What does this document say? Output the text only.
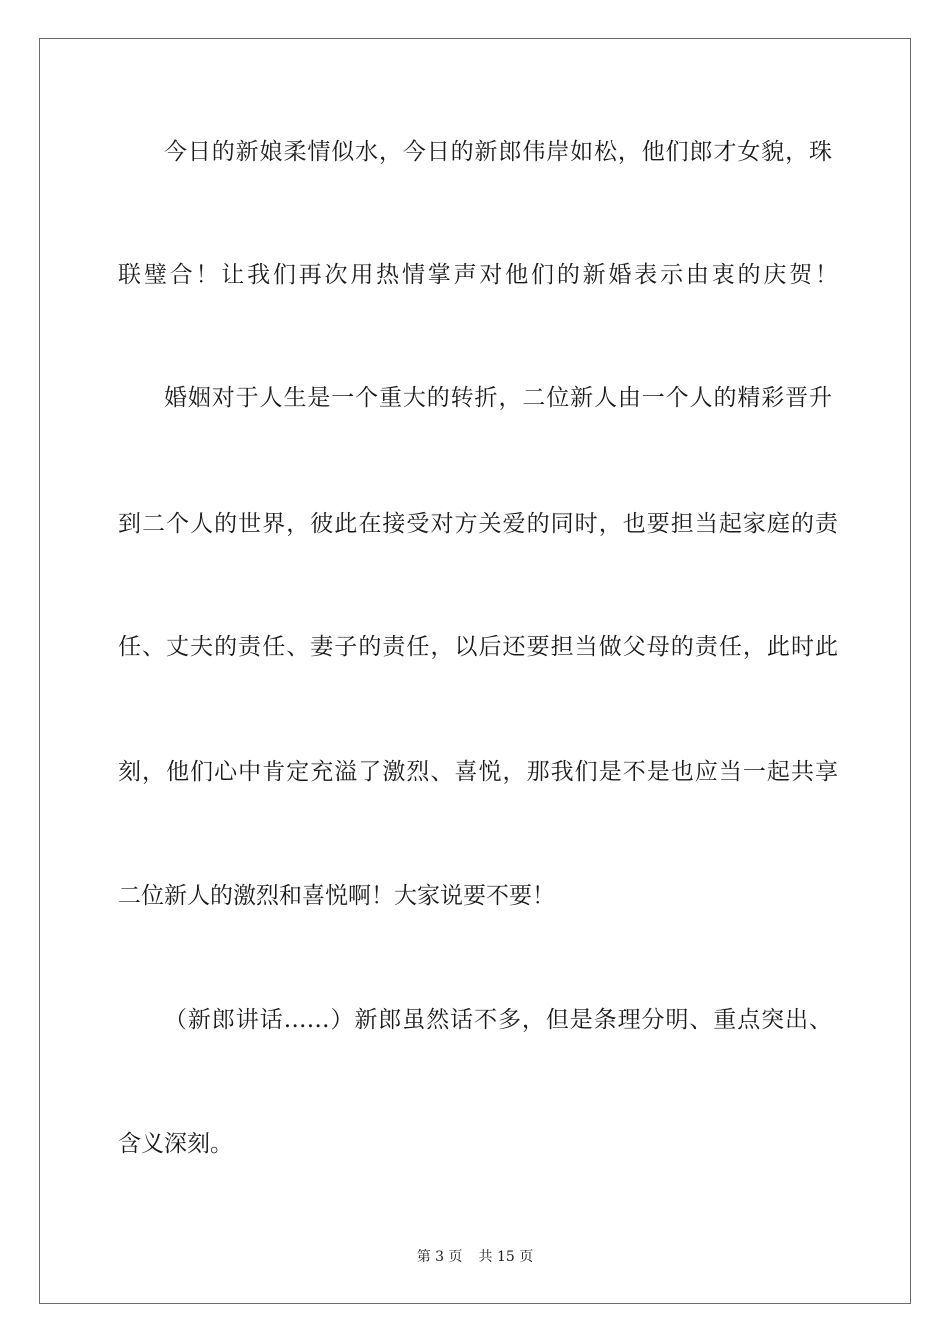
今日的新娘柔情似水，今日的新郎伟岸如松，他们郎才女貌，珠
联璧合！让我们再次用热情掌声对他们的新婚表示由衷的庆贺！
婚姻对于人生是一个重大的转折，二位新人由一个人的精彩晋升
到二个人的世界，彼此在接受对方关爱的同时，也要担当起家庭的责
任、丈夫的责任、妻子的责任，以后还要担当做父母的责任，此时此
刻，他们心中肯定充溢了激烈、喜悦，那我们是不是也应当一起共享
二位新人的激烈和喜悦啊！大家说要不要！
（新郎讲话……）新郎虽然话不多，但是条理分明、重点突出、
含义深刻。
第 3 页 共 15 页
